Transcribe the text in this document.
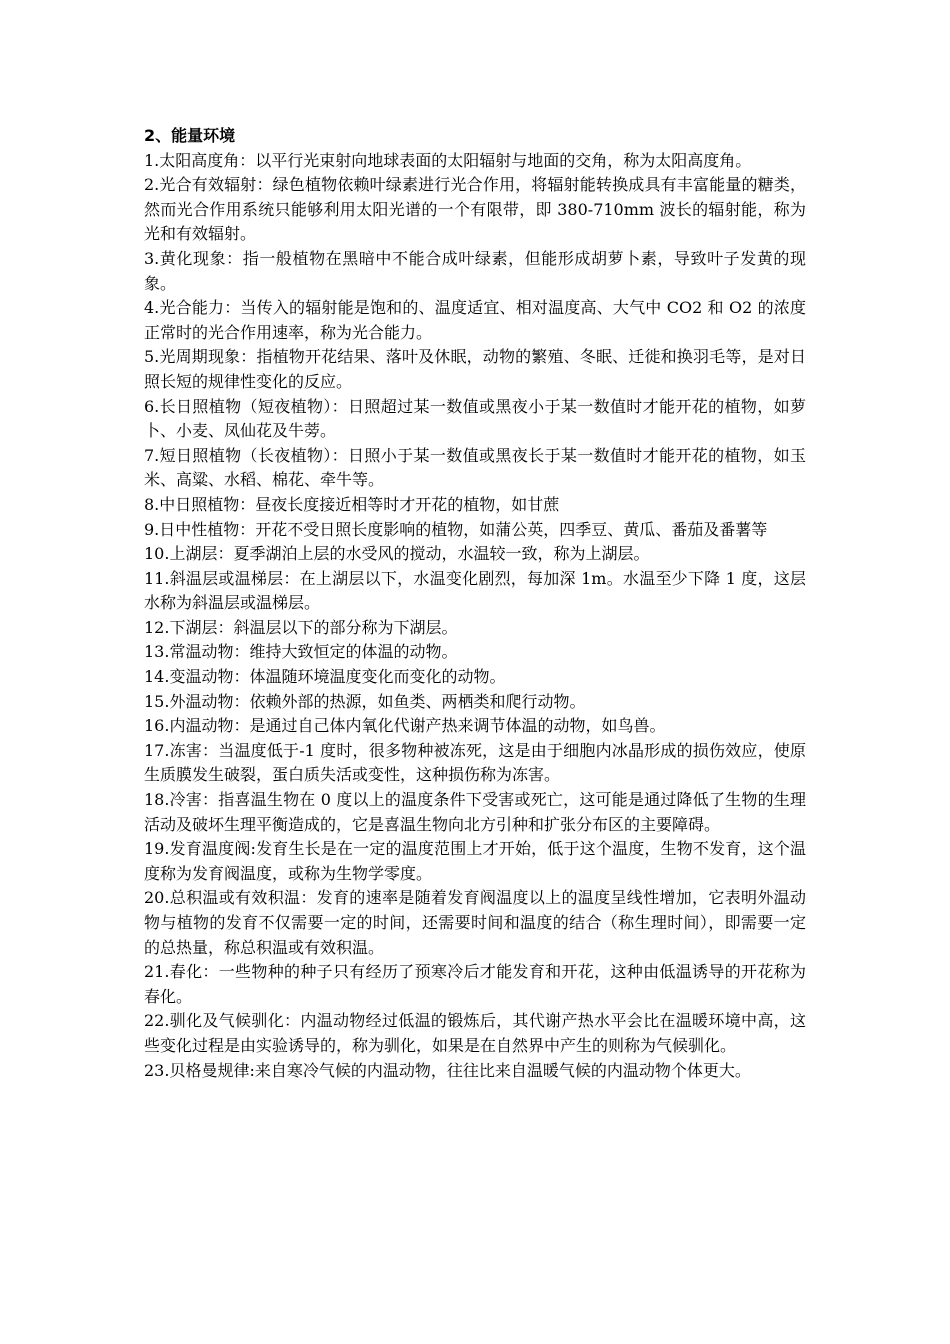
2、能量环境

1.太阳高度角：以平行光束射向地球表面的太阳辐射与地面的交角，称为太阳高度角。

2.光合有效辐射：绿色植物依赖叶绿素进行光合作用，将辐射能转换成具有丰富能量的糖类，然而光合作用系统只能够利用太阳光谱的一个有限带，即 380-710mm 波长的辐射能，称为光和有效辐射。

3.黄化现象：指一般植物在黑暗中不能合成叶绿素，但能形成胡萝卜素，导致叶子发黄的现象。

4.光合能力：当传入的辐射能是饱和的、温度适宜、相对温度高、大气中 CO2 和 O2 的浓度正常时的光合作用速率，称为光合能力。

5.光周期现象：指植物开花结果、落叶及休眠，动物的繁殖、冬眠、迁徙和换羽毛等，是对日照长短的规律性变化的反应。

6.长日照植物（短夜植物）：日照超过某一数值或黑夜小于某一数值时才能开花的植物，如萝卜、小麦、凤仙花及牛蒡。

7.短日照植物（长夜植物）：日照小于某一数值或黑夜长于某一数值时才能开花的植物，如玉米、高粱、水稻、棉花、牵牛等。

8.中日照植物：昼夜长度接近相等时才开花的植物，如甘蔗

9.日中性植物：开花不受日照长度影响的植物，如蒲公英，四季豆、黄瓜、番茄及番薯等

10.上湖层：夏季湖泊上层的水受风的搅动，水温较一致，称为上湖层。

11.斜温层或温梯层：在上湖层以下，水温变化剧烈，每加深 1m。水温至少下降 1 度，这层水称为斜温层或温梯层。

12.下湖层：斜温层以下的部分称为下湖层。

13.常温动物：维持大致恒定的体温的动物。

14.变温动物：体温随环境温度变化而变化的动物。

15.外温动物：依赖外部的热源，如鱼类、两栖类和爬行动物。

16.内温动物：是通过自己体内氧化代谢产热来调节体温的动物，如鸟兽。

17.冻害：当温度低于-1 度时，很多物种被冻死，这是由于细胞内冰晶形成的损伤效应，使原生质膜发生破裂，蛋白质失活或变性，这种损伤称为冻害。

18.冷害：指喜温生物在 0 度以上的温度条件下受害或死亡，这可能是通过降低了生物的生理活动及破坏生理平衡造成的，它是喜温生物向北方引种和扩张分布区的主要障碍。

19.发育温度阀:发育生长是在一定的温度范围上才开始，低于这个温度，生物不发育，这个温度称为发育阀温度，或称为生物学零度。

20.总积温或有效积温：发育的速率是随着发育阀温度以上的温度呈线性增加，它表明外温动物与植物的发育不仅需要一定的时间，还需要时间和温度的结合（称生理时间），即需要一定的总热量，称总积温或有效积温。

21.春化：一些物种的种子只有经历了预寒冷后才能发育和开花，这种由低温诱导的开花称为春化。

22.驯化及气候驯化：内温动物经过低温的锻炼后，其代谢产热水平会比在温暖环境中高，这些变化过程是由实验诱导的，称为驯化，如果是在自然界中产生的则称为气候驯化。

23.贝格曼规律:来自寒冷气候的内温动物，往往比来自温暖气候的内温动物个体更大。
